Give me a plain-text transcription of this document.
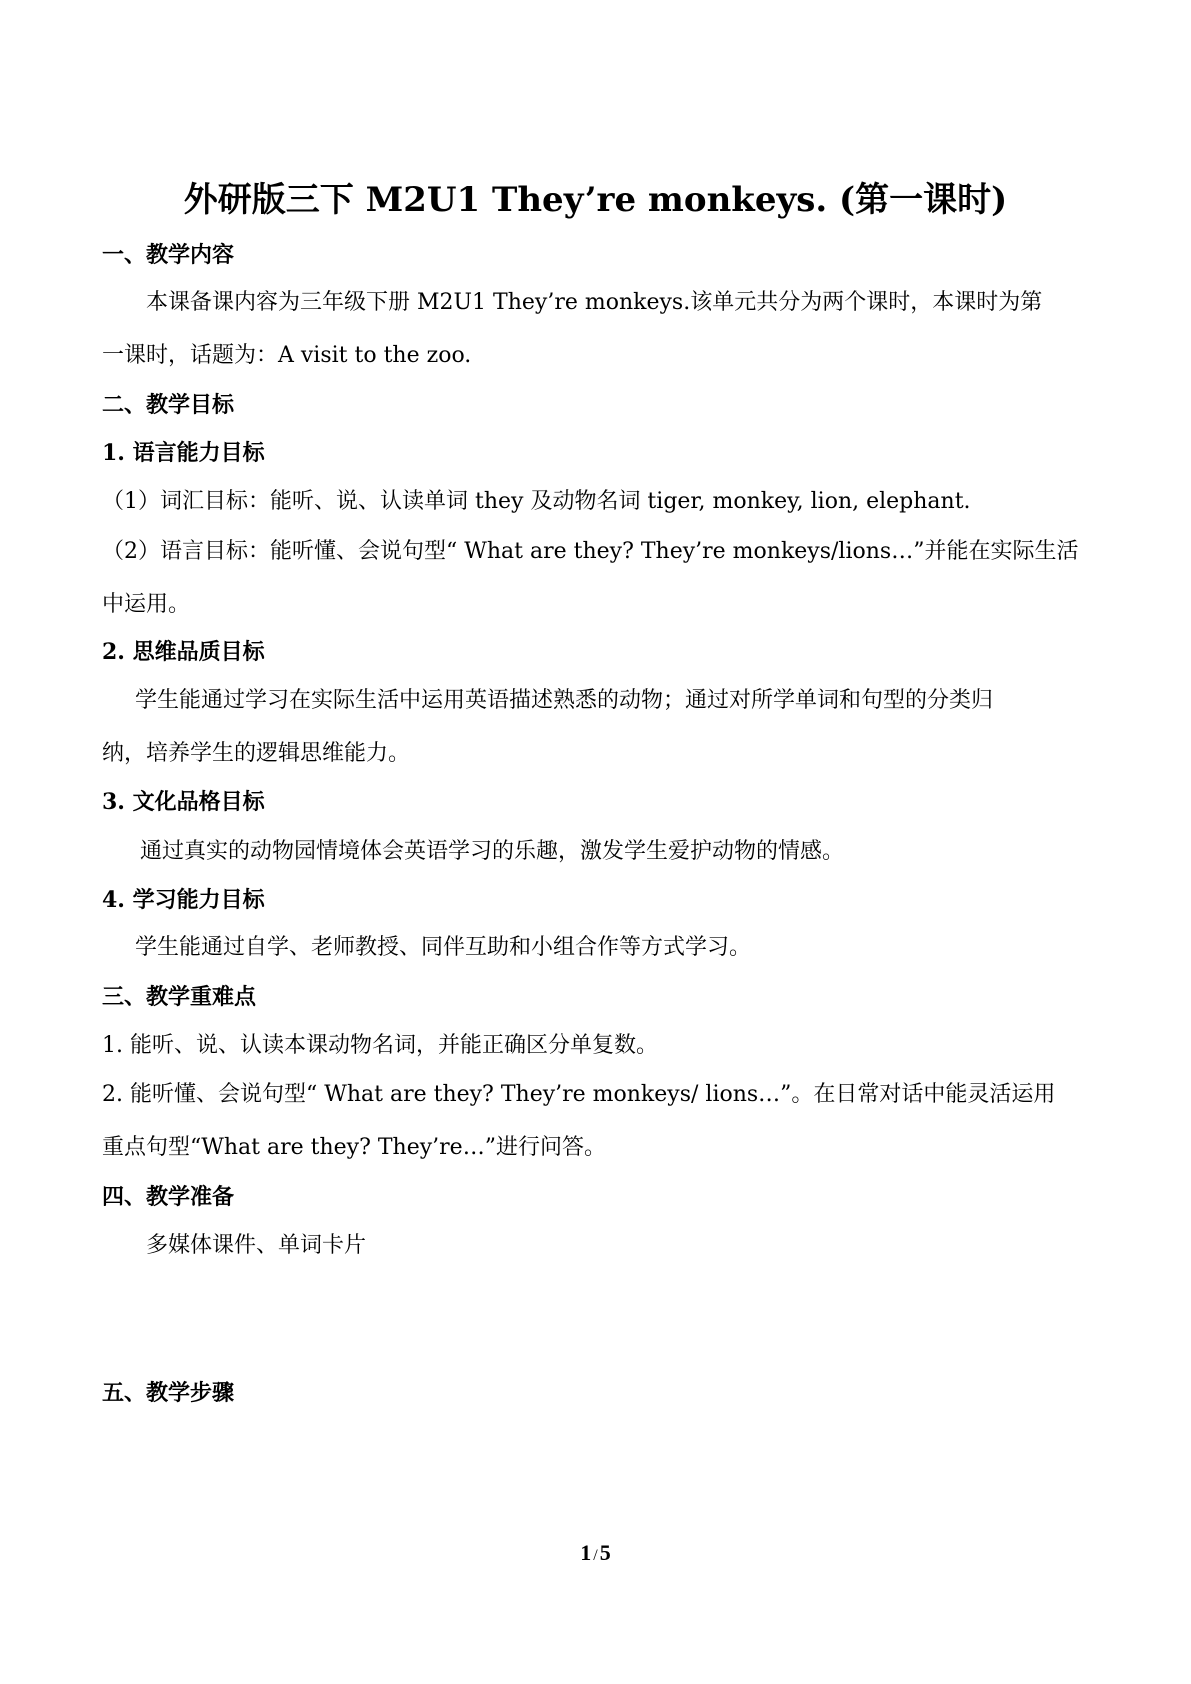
外研版三下 M2U1 They’re monkeys. (第一课时)
一、教学内容
本课备课内容为三年级下册 M2U1 They’re monkeys.该单元共分为两个课时，本课时为第
一课时，话题为：A visit to the zoo.
二、教学目标
1. 语言能力目标
（1）词汇目标：能听、说、认读单词 they 及动物名词 tiger, monkey, lion, elephant.
（2）语言目标：能听懂、会说句型“ What are they? They’re monkeys/lions…”并能在实际生活
中运用。
2. 思维品质目标
学生能通过学习在实际生活中运用英语描述熟悉的动物；通过对所学单词和句型的分类归
纳，培养学生的逻辑思维能力。
3. 文化品格目标
通过真实的动物园情境体会英语学习的乐趣，激发学生爱护动物的情感。
4. 学习能力目标
学生能通过自学、老师教授、同伴互助和小组合作等方式学习。
三、教学重难点
1. 能听、说、认读本课动物名词，并能正确区分单复数。
2. 能听懂、会说句型“ What are they? They’re monkeys/ lions…”。在日常对话中能灵活运用
重点句型“What are they? They’re…”进行问答。
四、教学准备
多媒体课件、单词卡片
五、教学步骤
1 /5
